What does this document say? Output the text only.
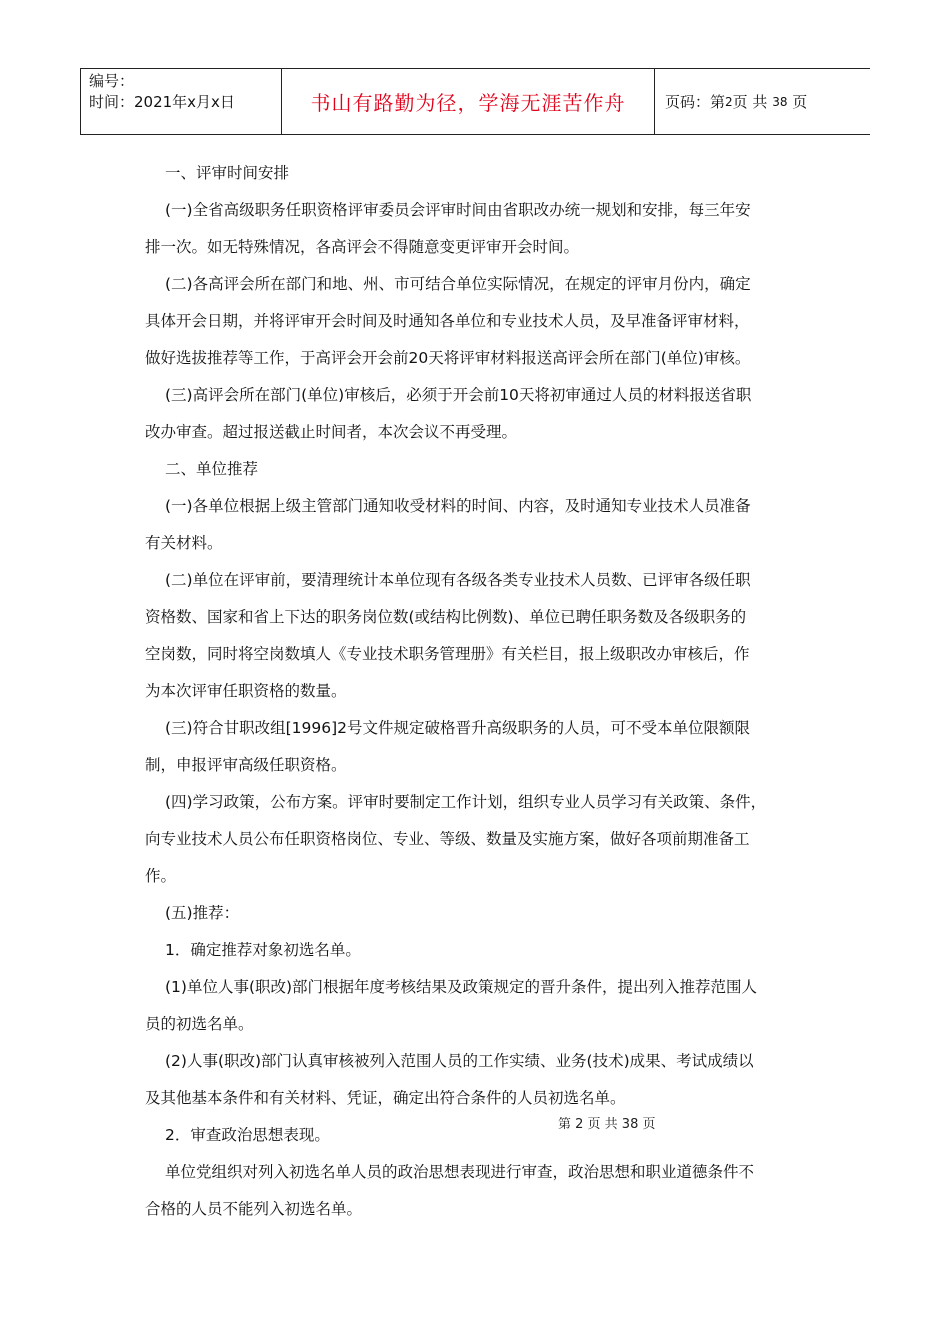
编号：
时间：2021年x月x日	书山有路勤为径，学海无涯苦作舟	页码：第 2 页 共
38
页

一、评审时间安排

(一)全省高级职务任职资格评审委员会评审时间由省职改办统一规划和安排，每三年安

排一次。如无特殊情况，各高评会不得随意变更评审开会时间。

(二)各高评会所在部门和地、州、市可结合单位实际情况，在规定的评审月份内，确定

具体开会日期，并将评审开会时间及时通知各单位和专业技术人员，及早准备评审材料，

做好选拔推荐等工作，于高评会开会前20天将评审材料报送高评会所在部门(单位)审核。

(三)高评会所在部门(单位)审核后，必须于开会前10天将初审通过人员的材料报送省职

改办审查。超过报送截止时间者，本次会议不再受理。

二、单位推荐

(一)各单位根据上级主管部门通知收受材料的时间、内容，及时通知专业技术人员准备

有关材料。

(二)单位在评审前，要清理统计本单位现有各级各类专业技术人员数、已评审各级任职

资格数、国家和省上下达的职务岗位数(或结构比例数)、单位已聘任职务数及各级职务的

空岗数，同时将空岗数填人《专业技术职务管理册》有关栏目，报上级职改办审核后，作

为本次评审任职资格的数量。

(三)符合甘职改组[1996]2号文件规定破格晋升高级职务的人员，可不受本单位限额限

制，申报评审高级任职资格。

(四)学习政策，公布方案。评审时要制定工作计划，组织专业人员学习有关政策、条件，

向专业技术人员公布任职资格岗位、专业、等级、数量及实施方案，做好各项前期准备工

作。

(五)推荐：

1．确定推荐对象初选名单。

(1)单位人事(职改)部门根据年度考核结果及政策规定的晋升条件，提出列入推荐范围人

员的初选名单。

(2)人事(职改)部门认真审核被列入范围人员的工作实绩、业务(技术)成果、考试成绩以

及其他基本条件和有关材料、凭证，确定出符合条件的人员初选名单。

2．审查政治思想表现。

单位党组织对列入初选名单人员的政治思想表现进行审查，政治思想和职业道德条件不

合格的人员不能列入初选名单。

第 2 页 共 38 页
